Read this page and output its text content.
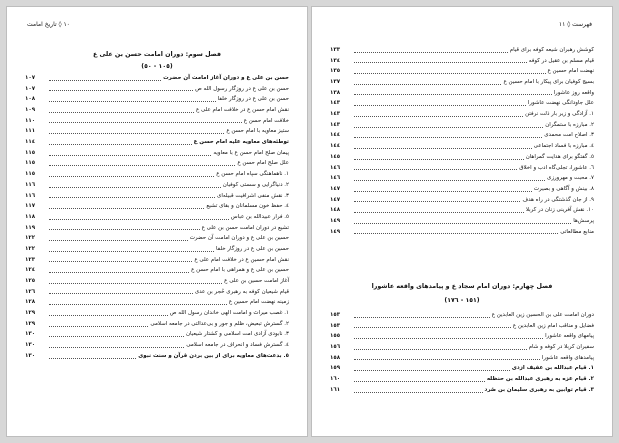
١٠ ◊ تاریخ امامت
فصل سوم: دوران امامت حسن بن علی ع
(١٠٥ - ٥٠)
حسن بن علی ع و دوران آغاز امامت آن حضرت
١٠٧
حسن بن علی ع در روزگار رسول الله ص
١٠٧
حسن بن علی ع در روزگار خلفا
١٠٨
نقش امام حسن ع در خلافت امام علی ع
١٠٩
خلافت امام حسن ع
١١٠
ستیز معاویه با امام حسن ع
١١١
توطئه‌های معاویه علیه امام حسن ع
١١٤
پیمان صلح امام حسن ع با معاویه
١١٥
علل صلح امام حسن ع
١١٥
١. ناهماهنگی سپاه امام حسن ع
١١٥
٢. دنیاگرایی و سستی کوفیان
١١٦
٣. نقش منفی اشرافیت قبیله‌ای
١١٦
٤. حفظ خون مسلمانان و بقای تشیع
١١٧
٥. فرار عبیدالله بن عباس
١١٨
تشیع در دوران امامت حسن بن علی ع
١١٩
حسین بن علی ع و دوران امامت آن حضرت
١٢٢
حسین بن علی ع در روزگار خلفا
١٢٢
نقش امام حسین ع در خلافت امام علی ع
١٢٣
حسین بن علی ع و همراهی با امام حسن ع
١٢٤
آغاز امامت حسین بن علی ع
١٢٥
قیام شیعیان کوفه به رهبری حُجر بن عدی
١٢٦
زمینه نهضت امام حسین ع
١٢٨
١. غصب میراث و امامت الهی خاندان رسول الله ص
١٢٩
٢. گسترش تبعیض، ظلم و جور و بی‌عدالتی در جامعه اسلامی
١٢٩
٣. نابودی آزادی امت اسلامی و کشتار شیعیان
١٣٠
٤. گسترش فساد و انحراف در جامعه اسلامی
١٣٠
٥. بدعت‌های معاویه برای از بین بردن قرآن و سنت نبوی
١٣٠
فهرست ◊ ١١
کوشش رهبران شیعه کوفه برای قیام
١٣٣
قیام مسلم بن عقیل در کوفه
١٣٤
نهضت امام حسین ع
١٣٥
بسیج کوفیان برای پیکار با امام حسین ع
١٣٧
واقعه روز عاشورا
١٣٨
علل جاودانگی نهضت عاشورا
١٤٣
١. آزادگی و زیر بار ذلت نرفتن
١٤٣
٢. مبارزه با ستمگران
١٤٣
٣. اصلاح امت محمدی
١٤٤
٤. مبارزه با فساد اجتماعی
١٤٤
٥. گفتگو برای هدایت گمراهان
١٤٥
٦. عاشورا، تجلی‌گاه ادب و اخلاق
١٤٦
٧. محبت و مهرورزی
١٤٦
٨. بینش و آگاهی و بصیرت
١٤٧
٩. از جان گذشتگی در راه هدف
١٤٧
١٠. نقش آفرینی زنان در کربلا
١٤٨
پرسش‌ها
١٤٩
منابع مطالعاتی
١٤٩
فصل چهارم: دوران امام سجاد ع و پیامدهای واقعه عاشورا
(١٥١ - ١٧٦)
دوران امامت علی بن الحسین زین العابدین ع
١٥٣
فضایل و مناقب امام زین العابدین ع
١٥٣
پیامهای واقعه عاشورا
١٥٥
سفیران کربلا در کوفه و شام
١٥٦
پیامدهای واقعه عاشورا
١٥٨
١. قیام عبدالله بن عفیف ازدی
١٥٩
٢. قیام عزه به رهبری عبدالله بن حنظله
١٦٠
٣. قیام توابین به رهبری سلیمان بن صُرد
١٦١
